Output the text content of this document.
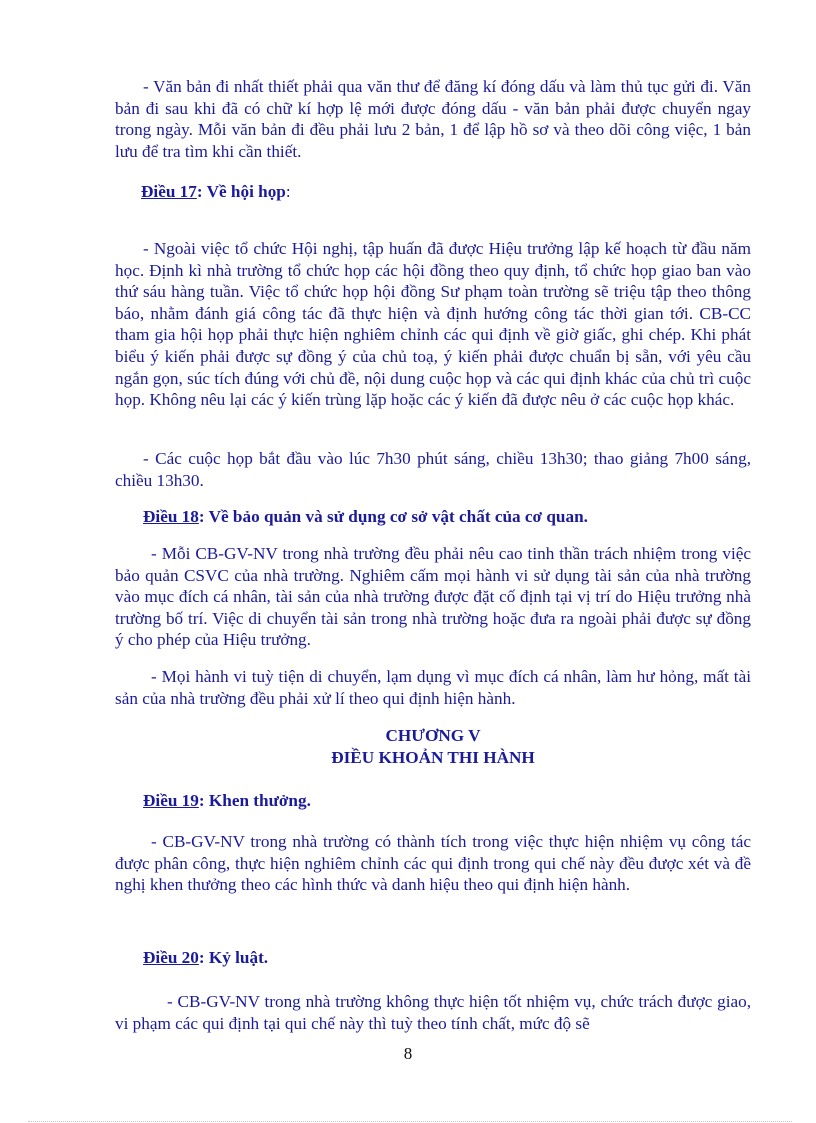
- Văn bản đi nhất thiết phải qua văn thư để đăng kí đóng dấu và làm thủ tục gửi đi. Văn bản đi sau khi đã có chữ kí hợp lệ mới được đóng dấu - văn bản phải được chuyển ngay trong ngày. Mỗi văn bản đi đều phải lưu 2 bản, 1 để lập hồ sơ và theo dõi công việc, 1 bản lưu để tra tìm khi cần thiết.

Điều 17: Về hội họp:

- Ngoài việc tổ chức Hội nghị, tập huấn đã được Hiệu trưởng lập kế hoạch từ đầu năm học. Định kì nhà trường tổ chức họp các hội đồng theo quy định, tổ chức họp giao ban vào thứ sáu hàng tuần. Việc tổ chức họp hội đồng Sư phạm toàn trường sẽ triệu tập theo thông báo, nhằm đánh giá công tác đã thực hiện và định hướng công tác thời gian tới. CB-CC tham gia hội họp phải thực hiện nghiêm chỉnh các qui định về giờ giấc, ghi chép. Khi phát biểu ý kiến phải được sự đồng ý của chủ toạ, ý kiến phải được chuẩn bị sẵn, với yêu cầu ngắn gọn, súc tích đúng với chủ đề, nội dung cuộc họp và các qui định khác của chủ trì cuộc họp. Không nêu lại các ý kiến trùng lặp hoặc các ý kiến đã được nêu ở các cuộc họp khác.

- Các cuộc họp bắt đầu vào lúc 7h30 phút sáng, chiều 13h30; thao giảng 7h00 sáng, chiều 13h30.

Điều 18: Về bảo quản và sử dụng cơ sở vật chất của cơ quan.

- Mỗi CB-GV-NV trong nhà trường đều phải nêu cao tinh thần trách nhiệm trong việc bảo quản CSVC của nhà trường. Nghiêm cấm mọi hành vi sử dụng tài sản của nhà trường vào mục đích cá nhân, tài sản của nhà trường được đặt cố định tại vị trí do Hiệu trưởng nhà trường bố trí. Việc di chuyển tài sản trong nhà trường hoặc đưa ra ngoài phải được sự đồng ý cho phép của Hiệu trưởng.

- Mọi hành vi tuỳ tiện di chuyển, lạm dụng vì mục đích cá nhân, làm hư hỏng, mất tài sản của nhà trường đều phải xử lí theo qui định hiện hành.

CHƯƠNG V

ĐIỀU KHOẢN THI HÀNH

Điều 19: Khen thưởng.

- CB-GV-NV trong nhà trường có thành tích trong việc thực hiện nhiệm vụ công tác được phân công, thực hiện nghiêm chỉnh các qui định trong qui chế này đều được xét và đề nghị khen thưởng theo các hình thức và danh hiệu theo qui định hiện hành.

Điều 20: Kỷ luật.

- CB-GV-NV trong nhà trường không thực hiện tốt nhiệm vụ, chức trách được giao, vi phạm các qui định tại qui chế này thì tuỳ theo tính chất, mức độ sẽ

8
